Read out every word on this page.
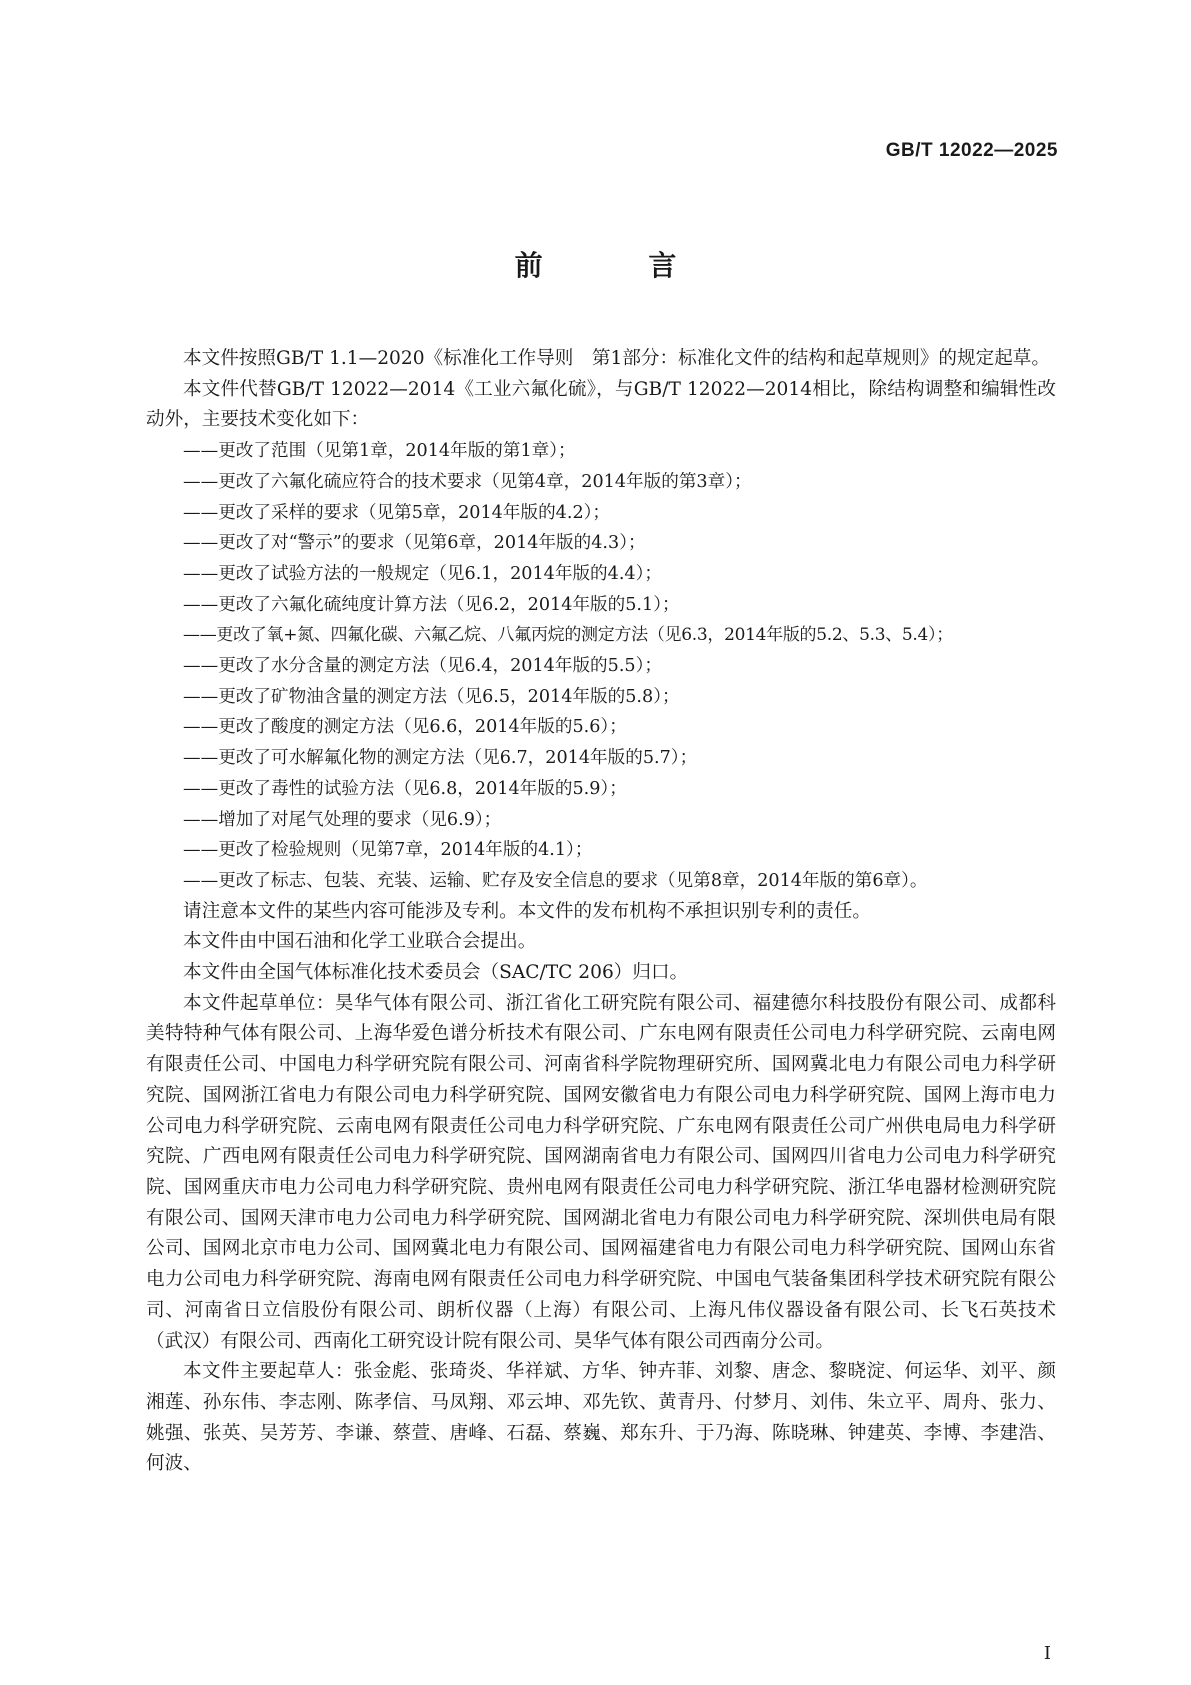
GB/T 12022—2025
前 言

本文件按照GB/T 1.1—2020《标准化工作导则　第1部分：标准化文件的结构和起草规则》的规定起草。

本文件代替GB/T 12022—2014《工业六氟化硫》，与GB/T 12022—2014相比，除结构调整和编辑性改动外，主要技术变化如下：

——更改了范围（见第1章，2014年版的第1章）；

——更改了六氟化硫应符合的技术要求（见第4章，2014年版的第3章）；

——更改了采样的要求（见第5章，2014年版的4.2）；

——更改了对“警示”的要求（见第6章，2014年版的4.3）；

——更改了试验方法的一般规定（见6.1，2014年版的4.4）；

——更改了六氟化硫纯度计算方法（见6.2，2014年版的5.1）；

——更改了氧+氮、四氟化碳、六氟乙烷、八氟丙烷的测定方法（见6.3，2014年版的5.2、5.3、5.4）；

——更改了水分含量的测定方法（见6.4，2014年版的5.5）；

——更改了矿物油含量的测定方法（见6.5，2014年版的5.8）；

——更改了酸度的测定方法（见6.6，2014年版的5.6）；

——更改了可水解氟化物的测定方法（见6.7，2014年版的5.7）；

——更改了毒性的试验方法（见6.8，2014年版的5.9）；

——增加了对尾气处理的要求（见6.9）；

——更改了检验规则（见第7章，2014年版的4.1）；

——更改了标志、包装、充装、运输、贮存及安全信息的要求（见第8章，2014年版的第6章）。

请注意本文件的某些内容可能涉及专利。本文件的发布机构不承担识别专利的责任。

本文件由中国石油和化学工业联合会提出。

本文件由全国气体标准化技术委员会（SAC/TC 206）归口。

本文件起草单位：昊华气体有限公司、浙江省化工研究院有限公司、福建德尔科技股份有限公司、成都科美特特种气体有限公司、上海华爱色谱分析技术有限公司、广东电网有限责任公司电力科学研究院、云南电网有限责任公司、中国电力科学研究院有限公司、河南省科学院物理研究所、国网冀北电力有限公司电力科学研究院、国网浙江省电力有限公司电力科学研究院、国网安徽省电力有限公司电力科学研究院、国网上海市电力公司电力科学研究院、云南电网有限责任公司电力科学研究院、广东电网有限责任公司广州供电局电力科学研究院、广西电网有限责任公司电力科学研究院、国网湖南省电力有限公司、国网四川省电力公司电力科学研究院、国网重庆市电力公司电力科学研究院、贵州电网有限责任公司电力科学研究院、浙江华电器材检测研究院有限公司、国网天津市电力公司电力科学研究院、国网湖北省电力有限公司电力科学研究院、深圳供电局有限公司、国网北京市电力公司、国网冀北电力有限公司、国网福建省电力有限公司电力科学研究院、国网山东省电力公司电力科学研究院、海南电网有限责任公司电力科学研究院、中国电气装备集团科学技术研究院有限公司、河南省日立信股份有限公司、朗析仪器（上海）有限公司、上海凡伟仪器设备有限公司、长飞石英技术（武汉）有限公司、西南化工研究设计院有限公司、昊华气体有限公司西南分公司。

本文件主要起草人：张金彪、张琦炎、华祥斌、方华、钟卉菲、刘黎、唐念、黎晓淀、何运华、刘平、颜湘莲、孙东伟、李志刚、陈孝信、马凤翔、邓云坤、邓先钦、黄青丹、付梦月、刘伟、朱立平、周舟、张力、姚强、张英、吴芳芳、李谦、蔡萱、唐峰、石磊、蔡巍、郑东升、于乃海、陈晓琳、钟建英、李博、李建浩、何波、

I
